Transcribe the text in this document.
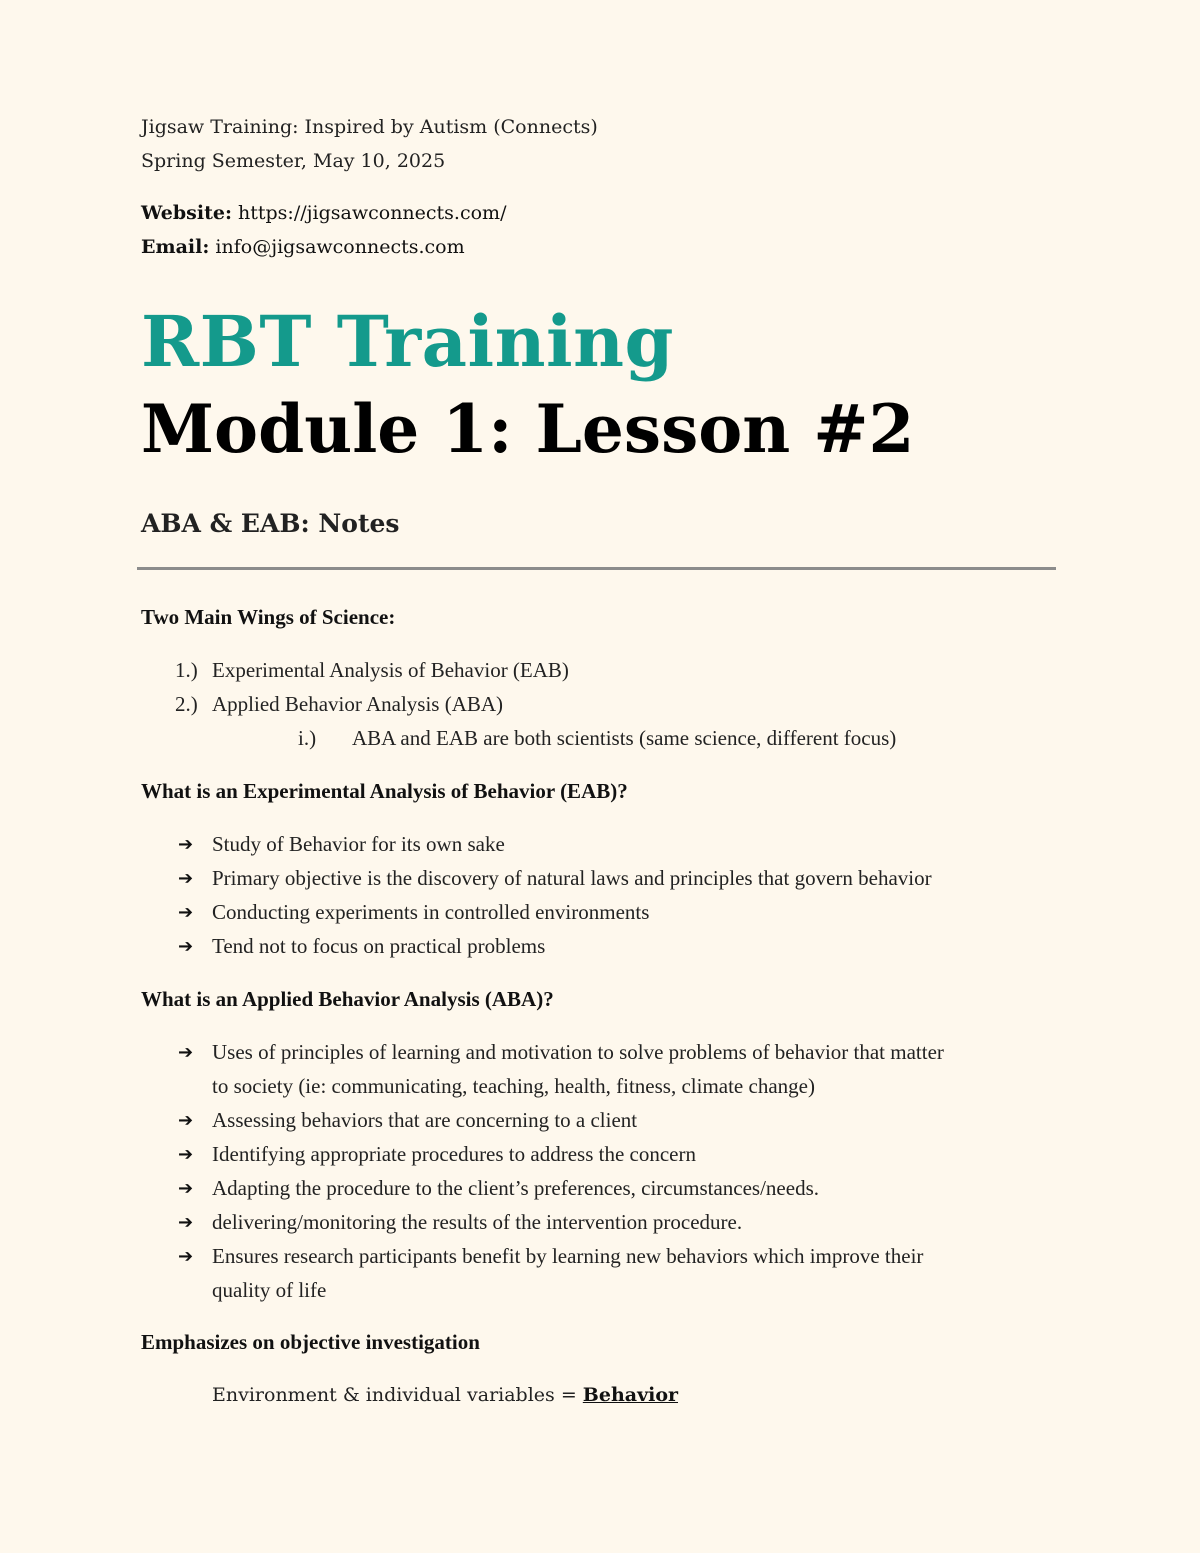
Jigsaw Training: Inspired by Autism (Connects)
Spring Semester, May 10, 2025
Website: https://jigsawconnects.com/
Email: info@jigsawconnects.com
RBT Training
Module 1: Lesson #2
ABA & EAB: Notes
Two Main Wings of Science:
1.) Experimental Analysis of Behavior (EAB)
2.) Applied Behavior Analysis (ABA)
i.) ABA and EAB are both scientists (same science, different focus)
What is an Experimental Analysis of Behavior (EAB)?
➔ Study of Behavior for its own sake
➔ Primary objective is the discovery of natural laws and principles that govern behavior
➔ Conducting experiments in controlled environments
➔ Tend not to focus on practical problems
What is an Applied Behavior Analysis (ABA)?
➔ Uses of principles of learning and motivation to solve problems of behavior that matter
to society (ie: communicating, teaching, health, fitness, climate change)
➔ Assessing behaviors that are concerning to a client
➔ Identifying appropriate procedures to address the concern
➔ Adapting the procedure to the client’s preferences, circumstances/needs.
➔ delivering/monitoring the results of the intervention procedure.
➔ Ensures research participants benefit by learning new behaviors which improve their
quality of life
Emphasizes on objective investigation
Environment & individual variables = Behavior
